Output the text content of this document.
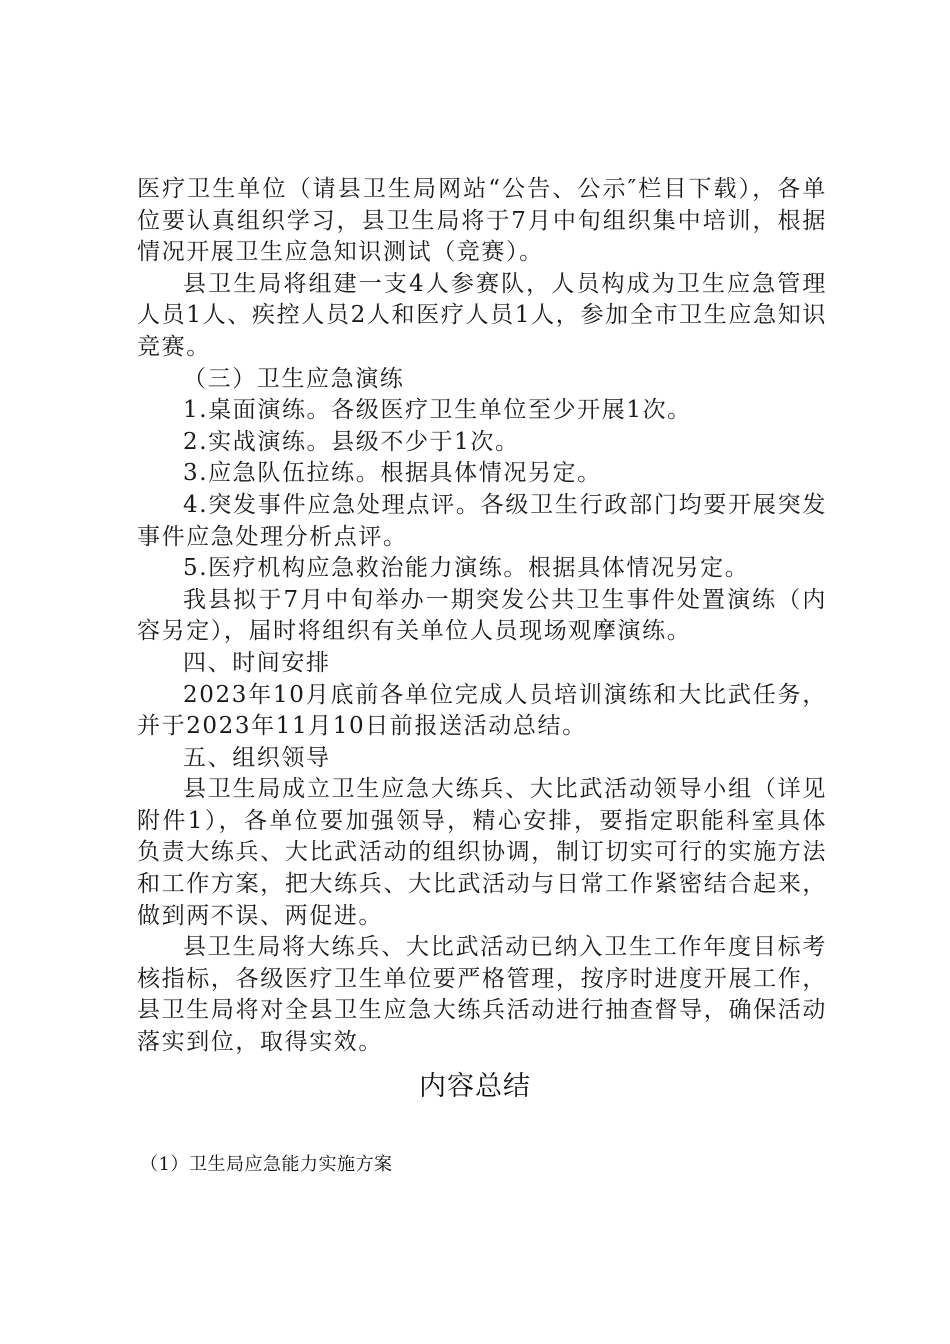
医疗卫生单位（请县卫生局网站“公告、公示″栏目下载），各单位要认真组织学习，县卫生局将于7月中旬组织集中培训，根据情况开展卫生应急知识测试（竞赛）。

县卫生局将组建一支4人参赛队，人员构成为卫生应急管理人员1人、疾控人员2人和医疗人员1人，参加全市卫生应急知识竞赛。

（三）卫生应急演练

1.桌面演练。各级医疗卫生单位至少开展1次。

2.实战演练。县级不少于1次。

3.应急队伍拉练。根据具体情况另定。

4.突发事件应急处理点评。各级卫生行政部门均要开展突发事件应急处理分析点评。

5.医疗机构应急救治能力演练。根据具体情况另定。

我县拟于7月中旬举办一期突发公共卫生事件处置演练（内容另定），届时将组织有关单位人员现场观摩演练。

四、时间安排

2023年10月底前各单位完成人员培训演练和大比武任务，并于2023年11月10日前报送活动总结。

五、组织领导

县卫生局成立卫生应急大练兵、大比武活动领导小组（详见附件1），各单位要加强领导，精心安排，要指定职能科室具体负责大练兵、大比武活动的组织协调，制订切实可行的实施方法和工作方案，把大练兵、大比武活动与日常工作紧密结合起来，做到两不误、两促进。

县卫生局将大练兵、大比武活动已纳入卫生工作年度目标考核指标，各级医疗卫生单位要严格管理，按序时进度开展工作，县卫生局将对全县卫生应急大练兵活动进行抽查督导，确保活动落实到位，取得实效。

内容总结
（1）卫生局应急能力实施方案
